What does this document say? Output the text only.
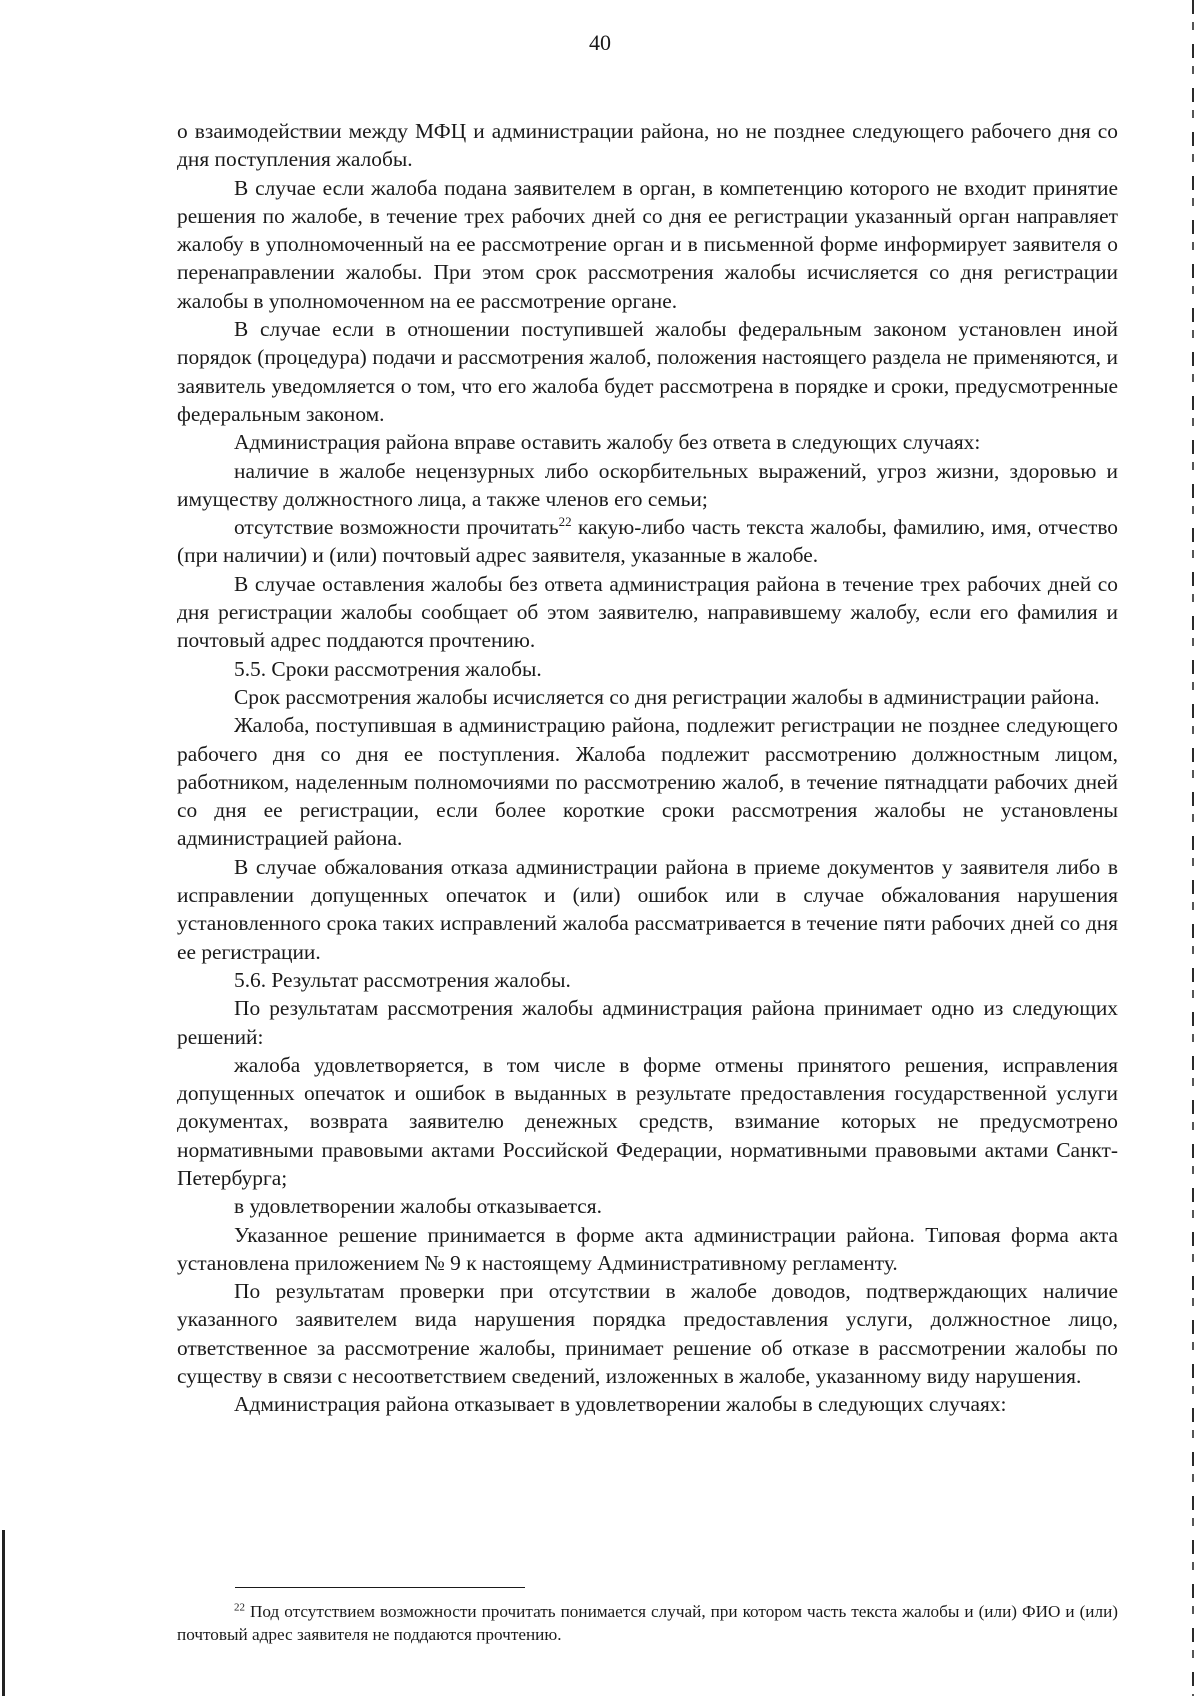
40

о взаимодействии между МФЦ и администрации района, но не позднее следующего рабочего дня со дня поступления жалобы.

В случае если жалоба подана заявителем в орган, в компетенцию которого не входит принятие решения по жалобе, в течение трех рабочих дней со дня ее регистрации указанный орган направляет жалобу в уполномоченный на ее рассмотрение орган и в письменной форме информирует заявителя о перенаправлении жалобы. При этом срок рассмотрения жалобы исчисляется со дня регистрации жалобы в уполномоченном на ее рассмотрение органе.

В случае если в отношении поступившей жалобы федеральным законом установлен иной порядок (процедура) подачи и рассмотрения жалоб, положения настоящего раздела не применяются, и заявитель уведомляется о том, что его жалоба будет рассмотрена в порядке и сроки, предусмотренные федеральным законом.

Администрация района вправе оставить жалобу без ответа в следующих случаях:

наличие в жалобе нецензурных либо оскорбительных выражений, угроз жизни, здоровью и имуществу должностного лица, а также членов его семьи;

отсутствие возможности прочитать$^{22}$ какую-либо часть текста жалобы, фамилию, имя, отчество (при наличии) и (или) почтовый адрес заявителя, указанные в жалобе.

В случае оставления жалобы без ответа администрация района в течение трех рабочих дней со дня регистрации жалобы сообщает об этом заявителю, направившему жалобу, если его фамилия и почтовый адрес поддаются прочтению.

5.5. Сроки рассмотрения жалобы.

Срок рассмотрения жалобы исчисляется со дня регистрации жалобы в администрации района.

Жалоба, поступившая в администрацию района, подлежит регистрации не позднее следующего рабочего дня со дня ее поступления. Жалоба подлежит рассмотрению должностным лицом, работником, наделенным полномочиями по рассмотрению жалоб, в течение пятнадцати рабочих дней со дня ее регистрации, если более короткие сроки рассмотрения жалобы не установлены администрацией района.

В случае обжалования отказа администрации района в приеме документов у заявителя либо в исправлении допущенных опечаток и (или) ошибок или в случае обжалования нарушения установленного срока таких исправлений жалоба рассматривается в течение пяти рабочих дней со дня ее регистрации.

5.6. Результат рассмотрения жалобы.

По результатам рассмотрения жалобы администрация района принимает одно из следующих решений:

жалоба удовлетворяется, в том числе в форме отмены принятого решения, исправления допущенных опечаток и ошибок в выданных в результате предоставления государственной услуги документах, возврата заявителю денежных средств, взимание которых не предусмотрено нормативными правовыми актами Российской Федерации, нормативными правовыми актами Санкт-Петербурга;

в удовлетворении жалобы отказывается.

Указанное решение принимается в форме акта администрации района. Типовая форма акта установлена приложением № 9 к настоящему Административному регламенту.

По результатам проверки при отсутствии в жалобе доводов, подтверждающих наличие указанного заявителем вида нарушения порядка предоставления услуги, должностное лицо, ответственное за рассмотрение жалобы, принимает решение об отказе в рассмотрении жалобы по существу в связи с несоответствием сведений, изложенных в жалобе, указанному виду нарушения.

Администрация района отказывает в удовлетворении жалобы в следующих случаях:

$^{22}$ Под отсутствием возможности прочитать понимается случай, при котором часть текста жалобы и (или) ФИО и (или) почтовый адрес заявителя не поддаются прочтению.
